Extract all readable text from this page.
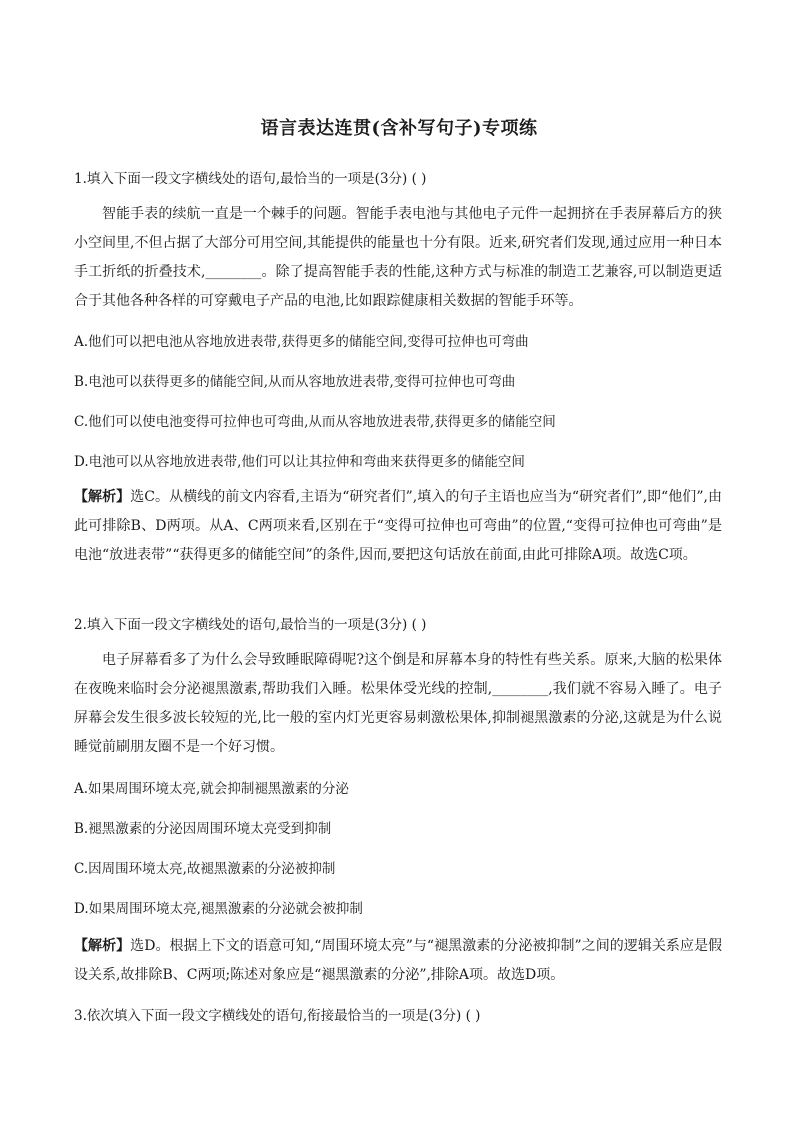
语言表达连贯(含补写句子)专项练
1.填入下面一段文字横线处的语句,最恰当的一项是(3分) ( )
智能手表的续航一直是一个棘手的问题。智能手表电池与其他电子元件一起拥挤在手表屏幕后方的狭小空间里,不但占据了大部分可用空间,其能提供的能量也十分有限。近来,研究者们发现,通过应用一种日本手工折纸的折叠技术,________。除了提高智能手表的性能,这种方式与标准的制造工艺兼容,可以制造更适合于其他各种各样的可穿戴电子产品的电池,比如跟踪健康相关数据的智能手环等。
A.他们可以把电池从容地放进表带,获得更多的储能空间,变得可拉伸也可弯曲
B.电池可以获得更多的储能空间,从而从容地放进表带,变得可拉伸也可弯曲
C.他们可以使电池变得可拉伸也可弯曲,从而从容地放进表带,获得更多的储能空间
D.电池可以从容地放进表带,他们可以让其拉伸和弯曲来获得更多的储能空间
【解析】选C。从横线的前文内容看,主语为“研究者们”,填入的句子主语也应当为“研究者们”,即“他们”,由此可排除B、D两项。从A、C两项来看,区别在于“变得可拉伸也可弯曲”的位置,“变得可拉伸也可弯曲”是电池“放进表带”“获得更多的储能空间”的条件,因而,要把这句话放在前面,由此可排除A项。故选C项。
2.填入下面一段文字横线处的语句,最恰当的一项是(3分) ( )
电子屏幕看多了为什么会导致睡眠障碍呢?这个倒是和屏幕本身的特性有些关系。原来,大脑的松果体在夜晚来临时会分泌褪黑激素,帮助我们入睡。松果体受光线的控制,________,我们就不容易入睡了。电子屏幕会发生很多波长较短的光,比一般的室内灯光更容易刺激松果体,抑制褪黑激素的分泌,这就是为什么说睡觉前刷朋友圈不是一个好习惯。
A.如果周围环境太亮,就会抑制褪黑激素的分泌
B.褪黑激素的分泌因周围环境太亮受到抑制
C.因周围环境太亮,故褪黑激素的分泌被抑制
D.如果周围环境太亮,褪黑激素的分泌就会被抑制
【解析】选D。根据上下文的语意可知,“周围环境太亮”与“褪黑激素的分泌被抑制”之间的逻辑关系应是假设关系,故排除B、C两项;陈述对象应是“褪黑激素的分泌”,排除A项。故选D项。
3.依次填入下面一段文字横线处的语句,衔接最恰当的一项是(3分) ( )
